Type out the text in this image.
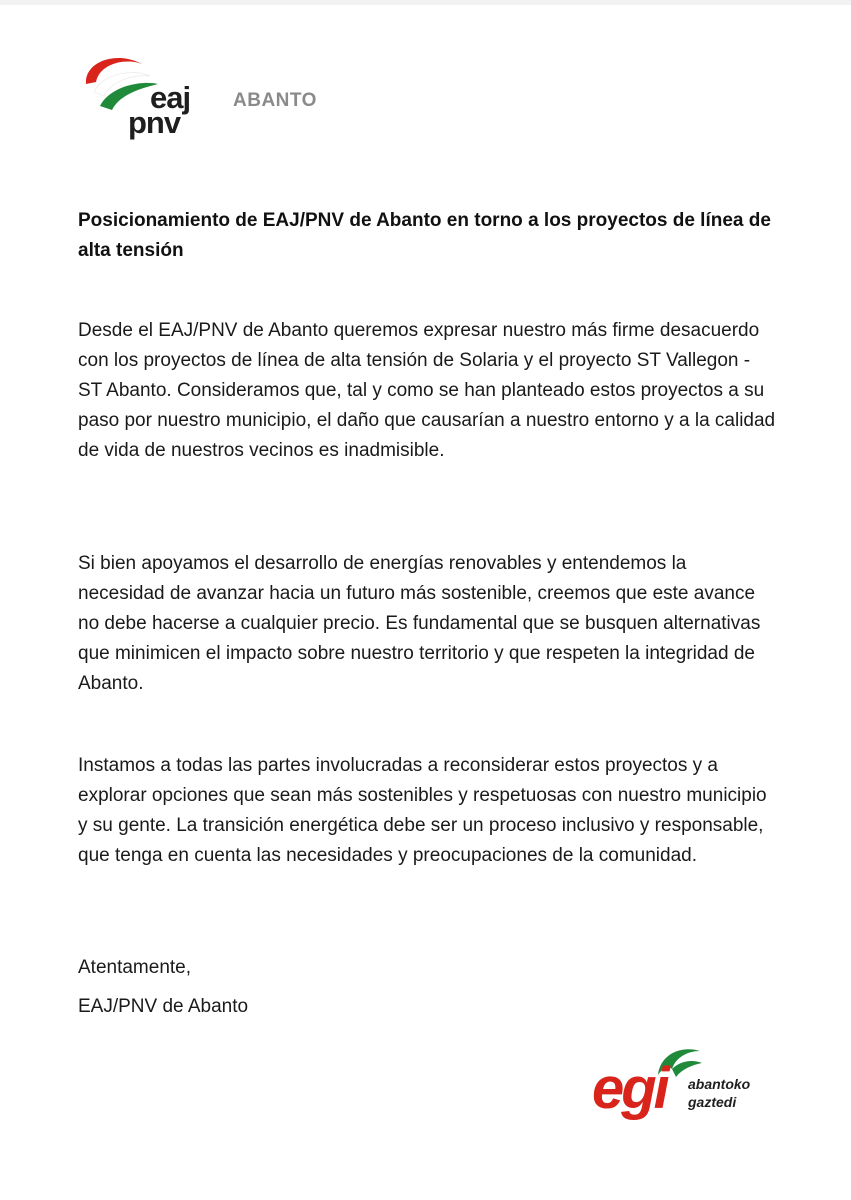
eaj
pnv
ABANTO

Posicionamiento de EAJ/PNV de Abanto en torno a los proyectos de línea de alta tensión

Desde el EAJ/PNV de Abanto queremos expresar nuestro más firme desacuerdo con los proyectos de línea de alta tensión de Solaria y el proyecto ST Vallegon - ST Abanto. Consideramos que, tal y como se han planteado estos proyectos a su paso por nuestro municipio, el daño que causarían a nuestro entorno y a la calidad de vida de nuestros vecinos es inadmisible.

Si bien apoyamos el desarrollo de energías renovables y entendemos la necesidad de avanzar hacia un futuro más sostenible, creemos que este avance no debe hacerse a cualquier precio. Es fundamental que se busquen alternativas que minimicen el impacto sobre nuestro territorio y que respeten la integridad de Abanto.

Instamos a todas las partes involucradas a reconsiderar estos proyectos y a explorar opciones que sean más sostenibles y respetuosas con nuestro municipio y su gente. La transición energética debe ser un proceso inclusivo y responsable, que tenga en cuenta las necesidades y preocupaciones de la comunidad.

Atentamente,

EAJ/PNV de Abanto

egi abantoko
gaztedi
